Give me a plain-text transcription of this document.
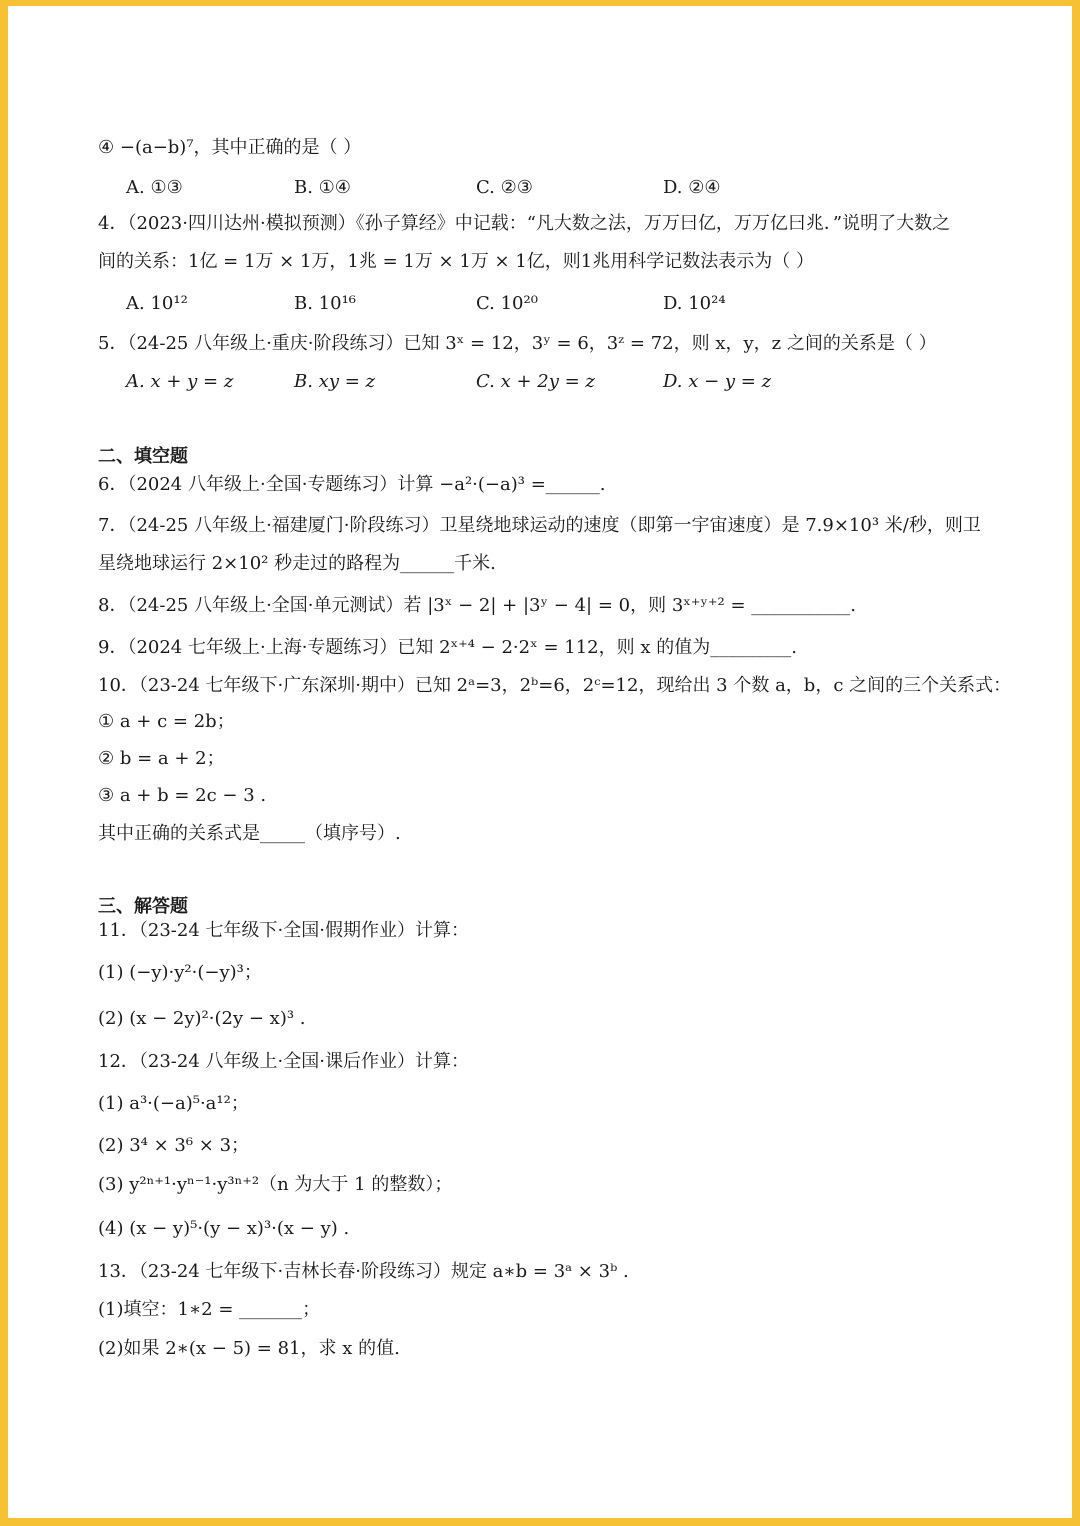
④ −(a−b)⁷，其中正确的是（ ）
A. ①③	B. ①④	C. ②③	D. ②④
4．（2023·四川达州·模拟预测）《孙子算经》中记载：“凡大数之法，万万曰亿，万万亿曰兆．”说明了大数之
间的关系：1亿 = 1万 × 1万，1兆 = 1万 × 1万 × 1亿，则1兆用科学记数法表示为（ ）
A. 10¹²	B. 10¹⁶	C. 10²⁰	D. 10²⁴
5．（24-25 八年级上·重庆·阶段练习）已知 3ˣ = 12，3ʸ = 6，3ᶻ = 72，则 x，y，z 之间的关系是（ ）
A. x + y = z	B. xy = z	C. x + 2y = z	D. x − y = z
二、填空题
6．（2024 八年级上·全国·专题练习）计算 −a²·(−a)³ =______.
7．（24-25 八年级上·福建厦门·阶段练习）卫星绕地球运动的速度（即第一宇宙速度）是 7.9×10³ 米/秒，则卫
星绕地球运行 2×10² 秒走过的路程为______千米.
8．（24-25 八年级上·全国·单元测试）若 |3ˣ − 2| + |3ʸ − 4| = 0，则 3ˣ⁺ʸ⁺² = ___________.
9．（2024 七年级上·上海·专题练习）已知 2ˣ⁺⁴ − 2·2ˣ = 112，则 x 的值为_________.
10．（23-24 七年级下·广东深圳·期中）已知 2ᵃ=3，2ᵇ=6，2ᶜ=12，现给出 3 个数 a，b，c 之间的三个关系式：
① a + c = 2b；
② b = a + 2；
③ a + b = 2c − 3 .
其中正确的关系式是_____（填序号）.
三、解答题
11．（23-24 七年级下·全国·假期作业）计算：
(1) (−y)·y²·(−y)³；
(2) (x − 2y)²·(2y − x)³ .
12．（23-24 八年级上·全国·课后作业）计算：
(1) a³·(−a)⁵·a¹²；
(2) 3⁴ × 3⁶ × 3；
(3) y²ⁿ⁺¹·yⁿ⁻¹·y³ⁿ⁺²（n 为大于 1 的整数）；
(4) (x − y)⁵·(y − x)³·(x − y) .
13．（23-24 七年级下·吉林长春·阶段练习）规定 a∗b = 3ᵃ × 3ᵇ .
(1)填空：1∗2 = _______；
(2)如果 2∗(x − 5) = 81，求 x 的值.
